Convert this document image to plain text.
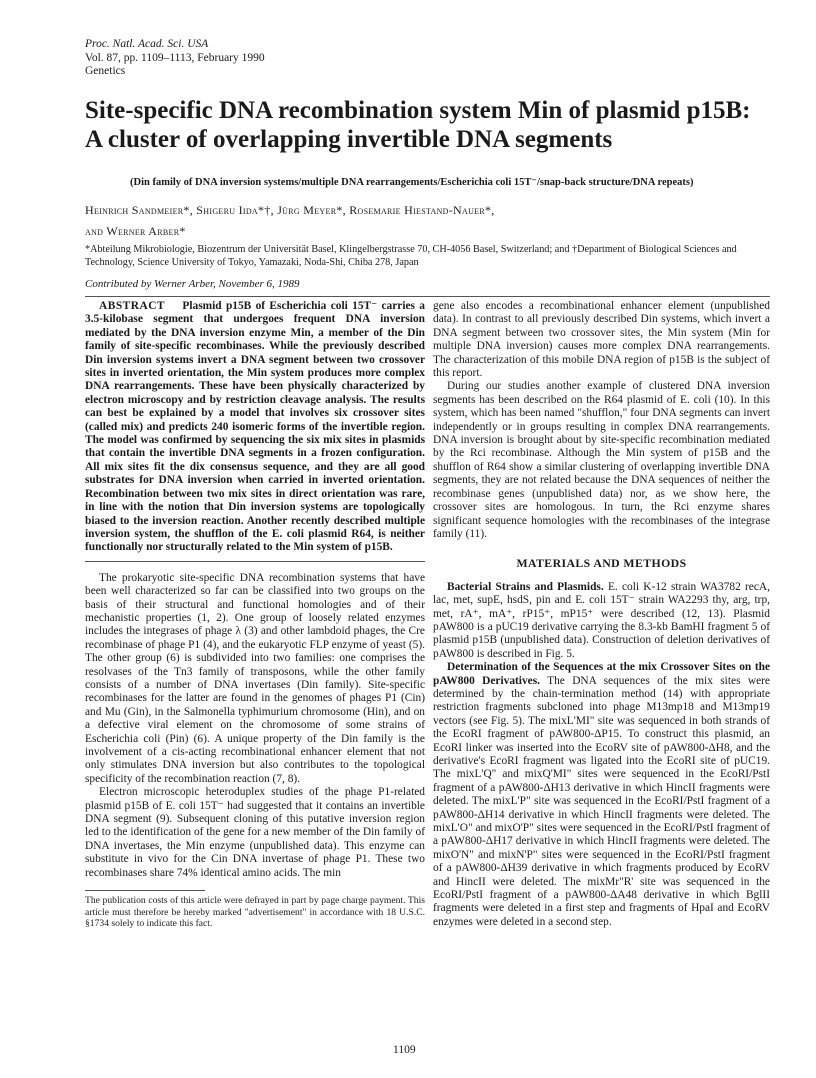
Proc. Natl. Acad. Sci. USA
Vol. 87, pp. 1109–1113, February 1990
Genetics
Site-specific DNA recombination system Min of plasmid p15B:
A cluster of overlapping invertible DNA segments
(Din family of DNA inversion systems/multiple DNA rearrangements/Escherichia coli 15T⁻/snap-back structure/DNA repeats)
Heinrich Sandmeier*, Shigeru Iida*†, Jürg Meyer*, Rosemarie Hiestand-Nauer*,
and Werner Arber*
*Abteilung Mikrobiologie, Biozentrum der Universität Basel, Klingelbergstrasse 70, CH-4056 Basel, Switzerland; and †Department of Biological Sciences and Technology, Science University of Tokyo, Yamazaki, Noda-Shi, Chiba 278, Japan
Contributed by Werner Arber, November 6, 1989

ABSTRACT Plasmid p15B of Escherichia coli 15T⁻ carries a 3.5-kilobase segment that undergoes frequent DNA inversion mediated by the DNA inversion enzyme Min, a member of the Din family of site-specific recombinases. While the previously described Din inversion systems invert a DNA segment between two crossover sites in inverted orientation, the Min system produces more complex DNA rearrangements. These have been physically characterized by electron microscopy and by restriction cleavage analysis. The results can best be explained by a model that involves six crossover sites (called mix) and predicts 240 isomeric forms of the invertible region. The model was confirmed by sequencing the six mix sites in plasmids that contain the invertible DNA segments in a frozen configuration. All mix sites fit the dix consensus sequence, and they are all good substrates for DNA inversion when carried in inverted orientation. Recombination between two mix sites in direct orientation was rare, in line with the notion that Din inversion systems are topologically biased to the inversion reaction. Another recently described multiple inversion system, the shufflon of the E. coli plasmid R64, is neither functionally nor structurally related to the Min system of p15B.

The prokaryotic site-specific DNA recombination systems that have been well characterized so far can be classified into two groups on the basis of their structural and functional homologies and of their mechanistic properties (1, 2). One group of loosely related enzymes includes the integrases of phage λ (3) and other lambdoid phages, the Cre recombinase of phage P1 (4), and the eukaryotic FLP enzyme of yeast (5). The other group (6) is subdivided into two families: one comprises the resolvases of the Tn3 family of transposons, while the other family consists of a number of DNA invertases (Din family). Site-specific recombinases for the latter are found in the genomes of phages P1 (Cin) and Mu (Gin), in the Salmonella typhimurium chromosome (Hin), and on a defective viral element on the chromosome of some strains of Escherichia coli (Pin) (6). A unique property of the Din family is the involvement of a cis-acting recombinational enhancer element that not only stimulates DNA inversion but also contributes to the topological specificity of the recombination reaction (7, 8).

Electron microscopic heteroduplex studies of the phage P1-related plasmid p15B of E. coli 15T⁻ had suggested that it contains an invertible DNA segment (9). Subsequent cloning of this putative inversion region led to the identification of the gene for a new member of the Din family of DNA invertases, the Min enzyme (unpublished data). This enzyme can substitute in vivo for the Cin DNA invertase of phage P1. These two recombinases share 74% identical amino acids. The min

The publication costs of this article were defrayed in part by page charge payment. This article must therefore be hereby marked "advertisement" in accordance with 18 U.S.C. §1734 solely to indicate this fact.

gene also encodes a recombinational enhancer element (unpublished data). In contrast to all previously described Din systems, which invert a DNA segment between two crossover sites, the Min system (Min for multiple DNA inversion) causes more complex DNA rearrangements. The characterization of this mobile DNA region of p15B is the subject of this report.

During our studies another example of clustered DNA inversion segments has been described on the R64 plasmid of E. coli (10). In this system, which has been named "shufflon," four DNA segments can invert independently or in groups resulting in complex DNA rearrangements. DNA inversion is brought about by site-specific recombination mediated by the Rci recombinase. Although the Min system of p15B and the shufflon of R64 show a similar clustering of overlapping invertible DNA segments, they are not related because the DNA sequences of neither the recombinase genes (unpublished data) nor, as we show here, the crossover sites are homologous. In turn, the Rci enzyme shares significant sequence homologies with the recombinases of the integrase family (11).

MATERIALS AND METHODS

Bacterial Strains and Plasmids. E. coli K-12 strain WA3782 recA, lac, met, supE, hsdS, pin and E. coli 15T⁻ strain WA2293 thy, arg, trp, met, rA⁺, mA⁺, rP15⁺, mP15⁺ were described (12, 13). Plasmid pAW800 is a pUC19 derivative carrying the 8.3-kb BamHI fragment 5 of plasmid p15B (unpublished data). Construction of deletion derivatives of pAW800 is described in Fig. 5.

Determination of the Sequences at the mix Crossover Sites on the pAW800 Derivatives. The DNA sequences of the mix sites were determined by the chain-termination method (14) with appropriate restriction fragments subcloned into phage M13mp18 and M13mp19 vectors (see Fig. 5). The mixL'MI" site was sequenced in both strands of the EcoRI fragment of pAW800-ΔP15. To construct this plasmid, an EcoRI linker was inserted into the EcoRV site of pAW800-ΔH8, and the derivative's EcoRI fragment was ligated into the EcoRI site of pUC19. The mixL'Q" and mixQ'MI" sites were sequenced in the EcoRI/PstI fragment of a pAW800-ΔH13 derivative in which HincII fragments were deleted. The mixL'P" site was sequenced in the EcoRI/PstI fragment of a pAW800-ΔH14 derivative in which HincII fragments were deleted. The mixL'O" and mixO'P" sites were sequenced in the EcoRI/PstI fragment of a pAW800-ΔH17 derivative in which HincII fragments were deleted. The mixO'N" and mixN'P" sites were sequenced in the EcoRI/PstI fragment of a pAW800-ΔH39 derivative in which fragments produced by EcoRV and HincII were deleted. The mixMr"R' site was sequenced in the EcoRI/PstI fragment of a pAW800-ΔA48 derivative in which BglII fragments were deleted in a first step and fragments of HpaI and EcoRV enzymes were deleted in a second step.

1109
